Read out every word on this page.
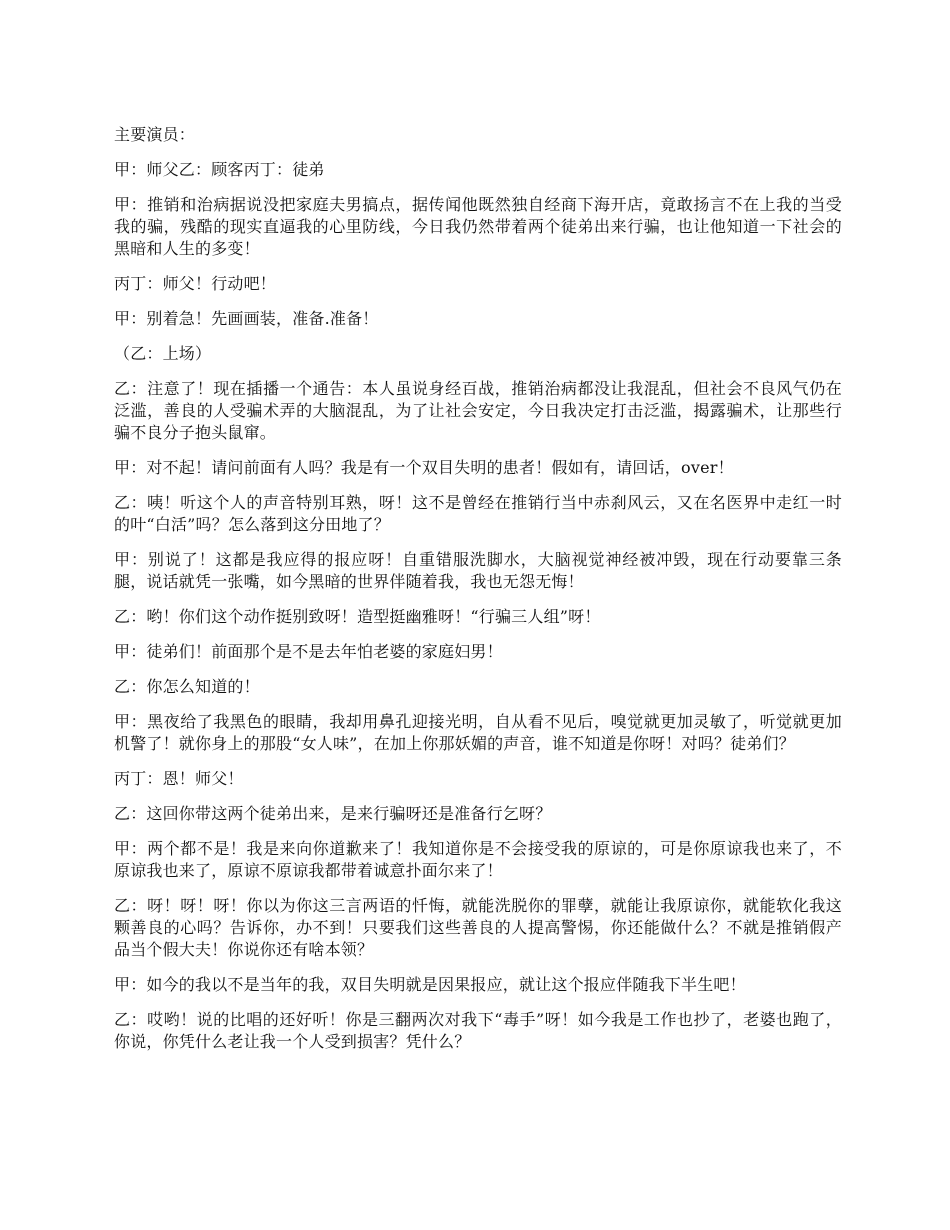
主要演员：

甲：师父乙：顾客丙丁：徒弟

甲：推销和治病据说没把家庭夫男搞点，据传闻他既然独自经商下海开店，竟敢扬言不在上我的当受我的骗，残酷的现实直逼我的心里防线，今日我仍然带着两个徒弟出来行骗，也让他知道一下社会的黑暗和人生的多变！

丙丁：师父！行动吧！

甲：别着急！先画画装，准备.准备！

（乙：上场）

乙：注意了！现在插播一个通告：本人虽说身经百战，推销治病都没让我混乱，但社会不良风气仍在泛滥，善良的人受骗术弄的大脑混乱，为了让社会安定，今日我决定打击泛滥，揭露骗术，让那些行骗不良分子抱头鼠窜。

甲：对不起！请问前面有人吗？我是有一个双目失明的患者！假如有，请回话，over！

乙：咦！听这个人的声音特别耳熟，呀！这不是曾经在推销行当中赤刹风云，又在名医界中走红一时的叶“白活”吗？怎么落到这分田地了？

甲：别说了！这都是我应得的报应呀！自重错服洗脚水，大脑视觉神经被冲毁，现在行动要靠三条腿，说话就凭一张嘴，如今黑暗的世界伴随着我，我也无怨无悔！

乙：哟！你们这个动作挺别致呀！造型挺幽雅呀！“行骗三人组”呀！

甲：徒弟们！前面那个是不是去年怕老婆的家庭妇男！

乙：你怎么知道的！

甲：黑夜给了我黑色的眼睛，我却用鼻孔迎接光明，自从看不见后，嗅觉就更加灵敏了，听觉就更加机警了！就你身上的那股“女人味”，在加上你那妖媚的声音，谁不知道是你呀！对吗？徒弟们？

丙丁：恩！师父！

乙：这回你带这两个徒弟出来，是来行骗呀还是准备行乞呀？

甲：两个都不是！我是来向你道歉来了！我知道你是不会接受我的原谅的，可是你原谅我也来了，不原谅我也来了，原谅不原谅我都带着诚意扑面尔来了！

乙：呀！呀！呀！你以为你这三言两语的忏悔，就能洗脱你的罪孽，就能让我原谅你，就能软化我这颗善良的心吗？告诉你，办不到！只要我们这些善良的人提高警惕，你还能做什么？不就是推销假产品当个假大夫！你说你还有啥本领？

甲：如今的我以不是当年的我，双目失明就是因果报应，就让这个报应伴随我下半生吧！

乙：哎哟！说的比唱的还好听！你是三翻两次对我下“毒手”呀！如今我是工作也抄了，老婆也跑了，你说，你凭什么老让我一个人受到损害？凭什么？
